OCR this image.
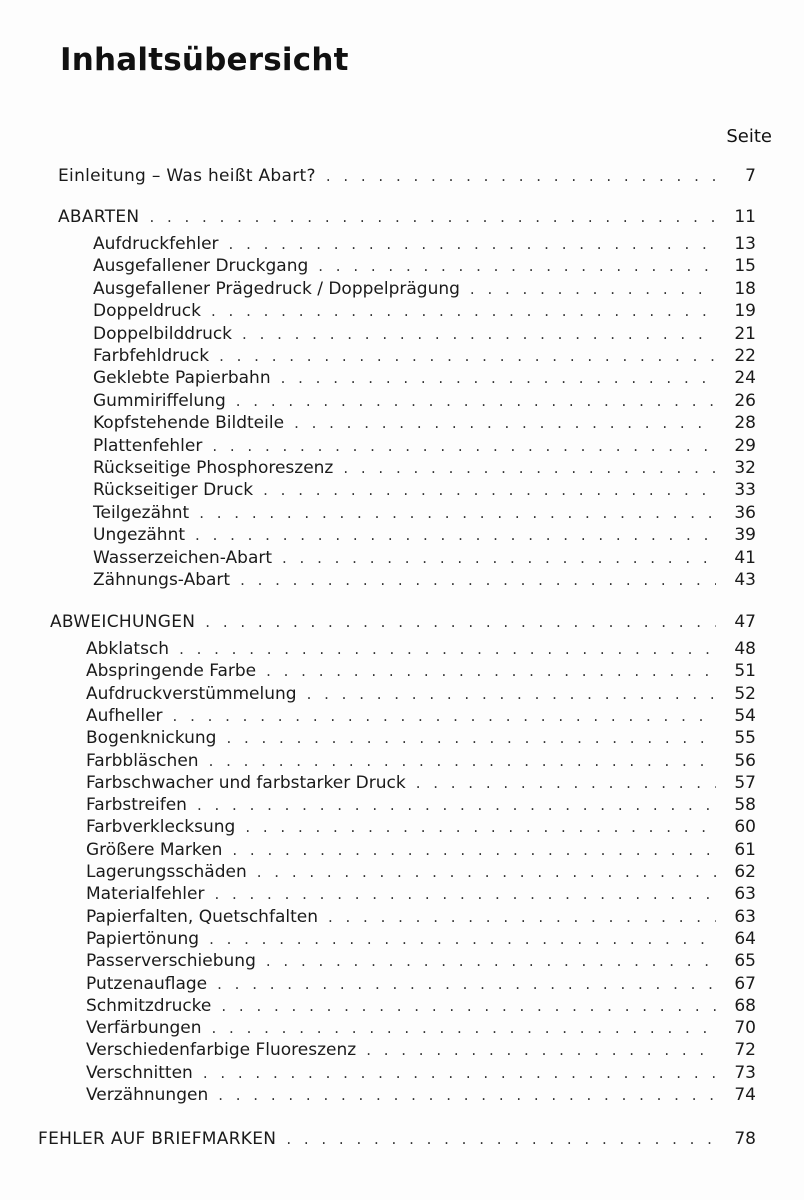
Inhaltsübersicht
Seite
Einleitung – Was heißt Abart? . . .	7
ABARTEN . . .	11
Aufdruckfehler . . .	13
Ausgefallener Druckgang . . .	15
Ausgefallener Prägedruck / Doppelprägung . . .	18
Doppeldruck . . .	19
Doppelbilddruck . . .	21
Farbfehldruck . . .	22
Geklebte Papierbahn . . .	24
Gummiriffelung . . .	26
Kopfstehende Bildteile . . .	28
Plattenfehler . . .	29
Rückseitige Phosphoreszenz . . .	32
Rückseitiger Druck . . .	33
Teilgezähnt . . .	36
Ungezähnt . . .	39
Wasserzeichen-Abart . . .	41
Zähnungs-Abart . . .	43
ABWEICHUNGEN . . .	47
Abklatsch . . .	48
Abspringende Farbe . . .	51
Aufdruckverstümmelung . . .	52
Aufheller . . .	54
Bogenknickung . . .	55
Farbbläschen . . .	56
Farbschwacher und farbstarker Druck . . .	57
Farbstreifen . . .	58
Farbverklecksung . . .	60
Größere Marken . . .	61
Lagerungsschäden . . .	62
Materialfehler . . .	63
Papierfalten, Quetschfalten . . .	63
Papiertönung . . .	64
Passerverschiebung . . .	65
Putzenauflage . . .	67
Schmitzdrucke . . .	68
Verfärbungen . . .	70
Verschiedenfarbige Fluoreszenz . . .	72
Verschnitten . . .	73
Verzähnungen . . .	74
FEHLER AUF BRIEFMARKEN . . .	78
